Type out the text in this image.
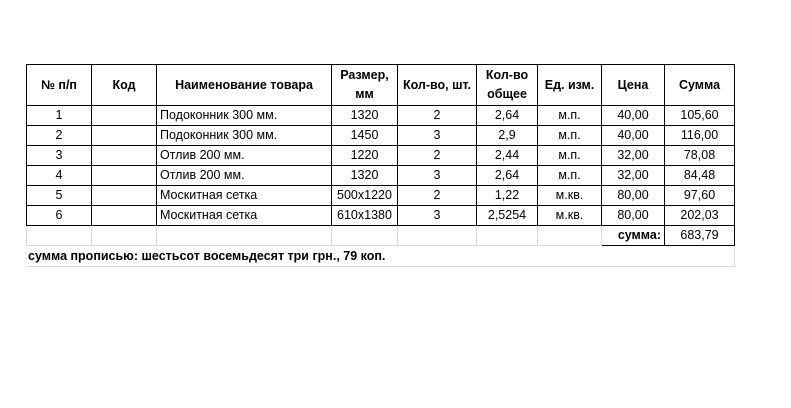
№ п/п	Код	Наименование товара	Размер, мм	Кол-во, шт.	Кол-во общее	Ед. изм.	Цена	Сумма
1		Подоконник 300 мм.	1320	2	2,64	м.п.	40,00	105,60
2		Подоконник 300 мм.	1450	3	2,9	м.п.	40,00	116,00
3		Отлив 200 мм.	1220	2	2,44	м.п.	32,00	78,08
4		Отлив 200 мм.	1320	3	2,64	м.п.	32,00	84,48
5		Москитная сетка	500x1220	2	1,22	м.кв.	80,00	97,60
6		Москитная сетка	610x1380	3	2,5254	м.кв.	80,00	202,03
							сумма:	683,79
сумма прописью: шестьсот восемьдесят три грн., 79 коп.
